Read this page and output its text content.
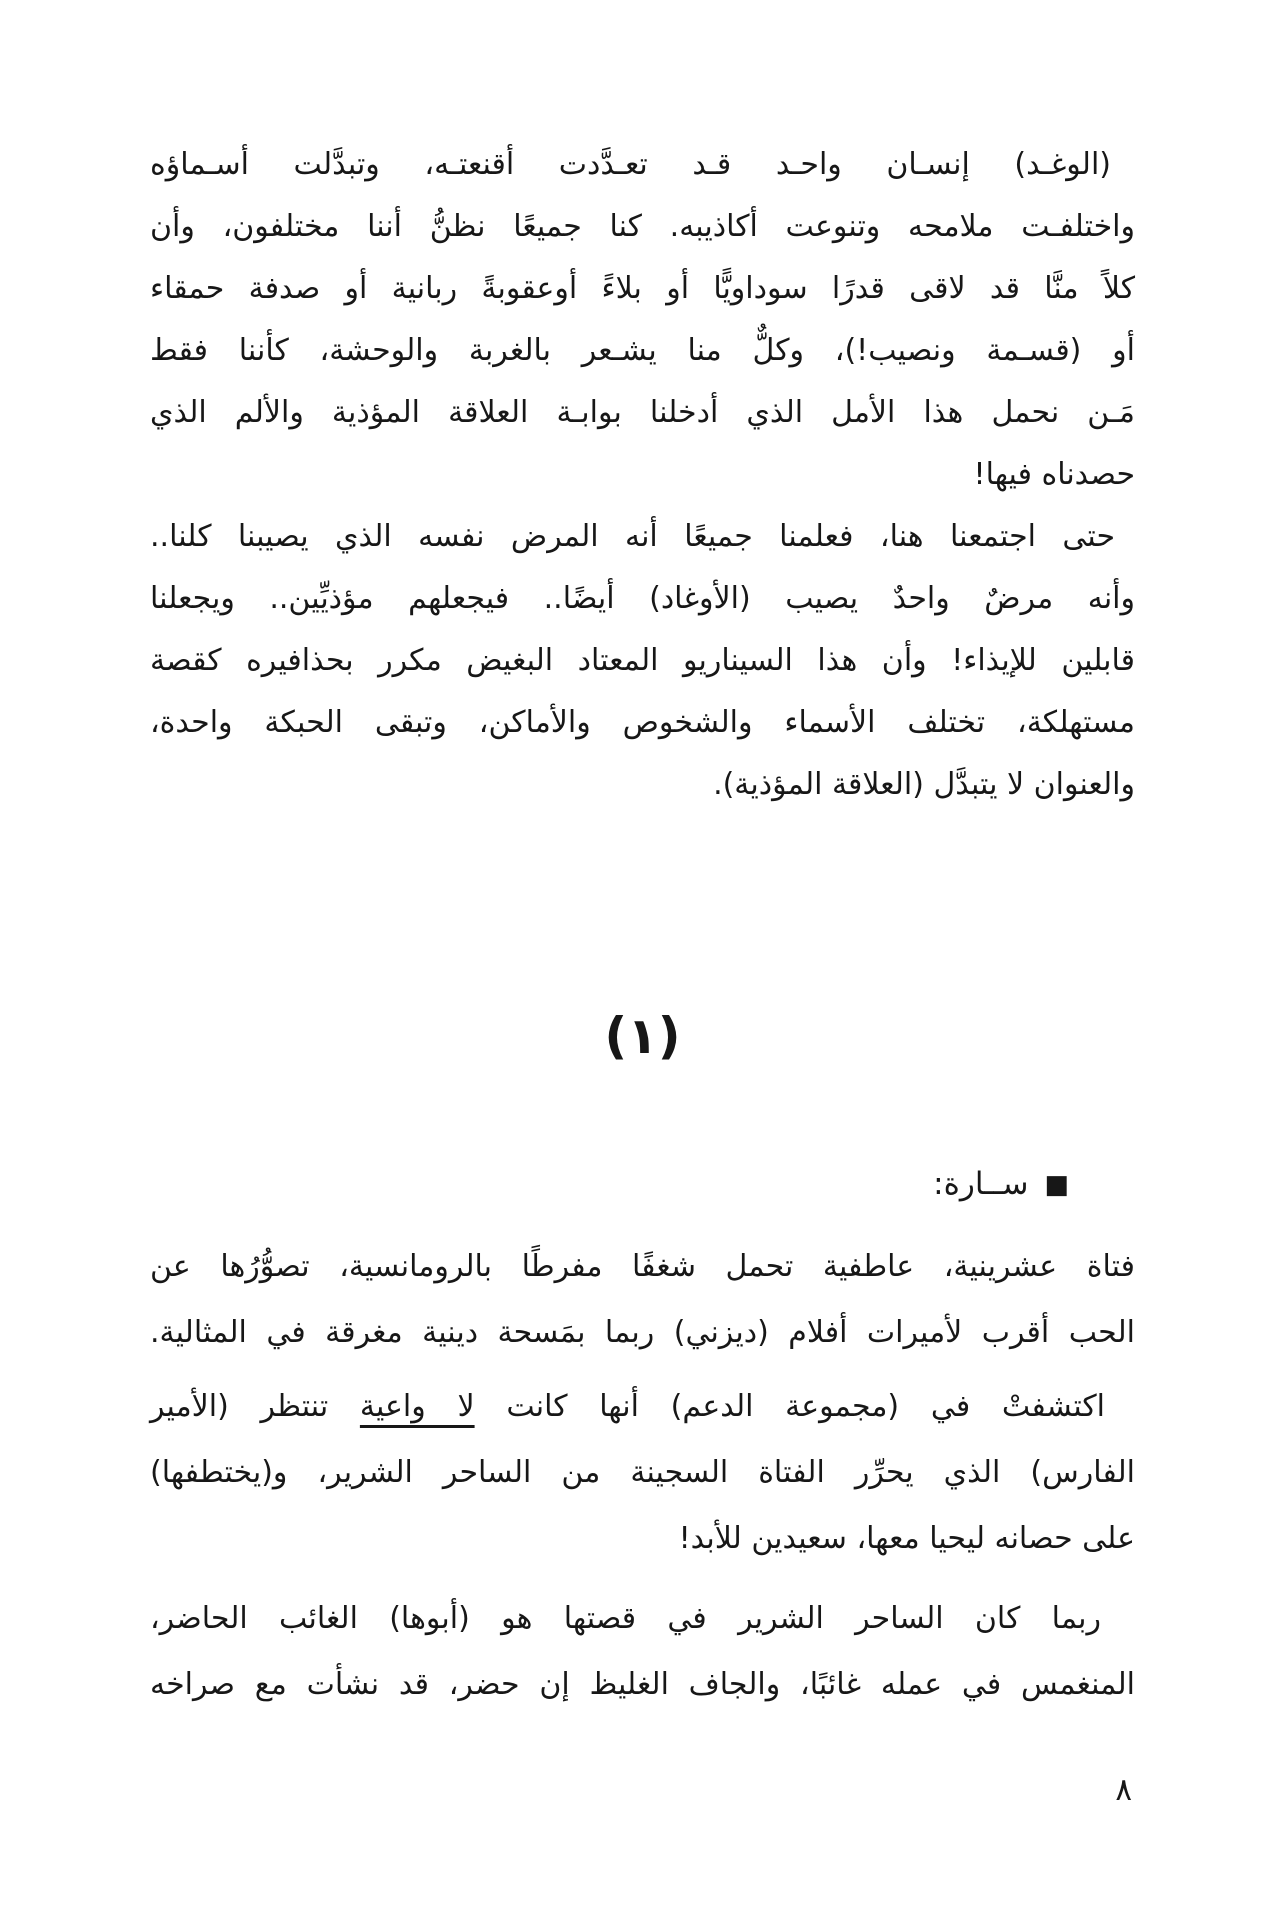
(الوغـد) إنسـان واحـد قـد تعـدَّدت أقنعتـه، وتبدَّلت أسـماؤه
واختلفـت ملامحه وتنوعت أكاذيبه. كنا جميعًا نظنُّ أننا مختلفون، وأن
كلاً منَّا قد لاقى قدرًا سوداويًّا أو بلاءً أوعقوبةً ربانية أو صدفة حمقاء
أو (قسـمة ونصيب!)، وكلٌّ منا يشـعر بالغربة والوحشة، كأننا فقط
مَـن نحمل هذا الأمل الذي أدخلنا بوابـة العلاقة المؤذية والألم الذي
حصدناه فيها!
حتى اجتمعنا هنا، فعلمنا جميعًا أنه المرض نفسه الذي يصيبنا كلنا..
وأنه مرضٌ واحدٌ يصيب (الأوغاد) أيضًا.. فيجعلهم مؤذيِّين.. ويجعلنا
قابلين للإيذاء! وأن هذا السيناريو المعتاد البغيض مكرر بحذافيره كقصة
مستهلكة، تختلف الأسماء والشخوص والأماكن، وتبقى الحبكة واحدة،
والعنوان لا يتبدَّل (العلاقة المؤذية).
(١)
■ســارة:
فتاة عشرينية، عاطفية تحمل شغفًا مفرطًا بالرومانسية، تصوُّرُها عن
الحب أقرب لأميرات أفلام (ديزني) ربما بمَسحة دينية مغرقة في المثالية.
اكتشفتْ في (مجموعة الدعم) أنها كانت لا واعية تنتظر (الأمير
الفارس) الذي يحرِّر الفتاة السجينة من الساحر الشرير، و(يختطفها)
على حصانه ليحيا معها، سعيدين للأبد!
ربما كان الساحر الشرير في قصتها هو (أبوها) الغائب الحاضر،
المنغمس في عمله غائبًا، والجاف الغليظ إن حضر، قد نشأت مع صراخه
٨
